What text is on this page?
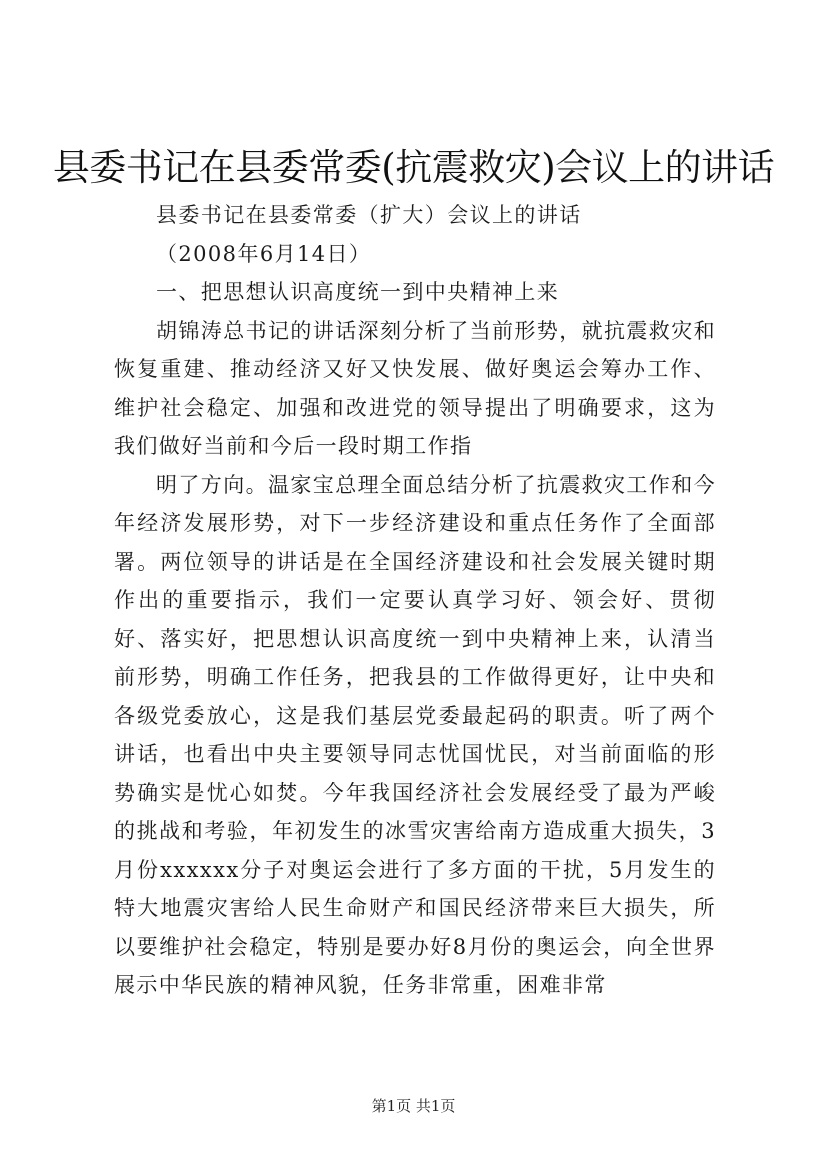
县委书记在县委常委(抗震救灾)会议上的讲话

县委书记在县委常委（扩大）会议上的讲话

（2008年6月14日）

一、把思想认识高度统一到中央精神上来

胡锦涛总书记的讲话深刻分析了当前形势，就抗震救灾和恢复重建、推动经济又好又快发展、做好奥运会筹办工作、维护社会稳定、加强和改进党的领导提出了明确要求，这为我们做好当前和今后一段时期工作指

明了方向。温家宝总理全面总结分析了抗震救灾工作和今年经济发展形势，对下一步经济建设和重点任务作了全面部署。两位领导的讲话是在全国经济建设和社会发展关键时期作出的重要指示，我们一定要认真学习好、领会好、贯彻好、落实好，把思想认识高度统一到中央精神上来，认清当前形势，明确工作任务，把我县的工作做得更好，让中央和各级党委放心，这是我们基层党委最起码的职责。听了两个讲话，也看出中央主要领导同志忧国忧民，对当前面临的形势确实是忧心如焚。今年我国经济社会发展经受了最为严峻的挑战和考验，年初发生的冰雪灾害给南方造成重大损失，3月份xxxxxx分子对奥运会进行了多方面的干扰，5月发生的特大地震灾害给人民生命财产和国民经济带来巨大损失，所以要维护社会稳定，特别是要办好8月份的奥运会，向全世界展示中华民族的精神风貌，任务非常重，困难非常

第1页 共1页
